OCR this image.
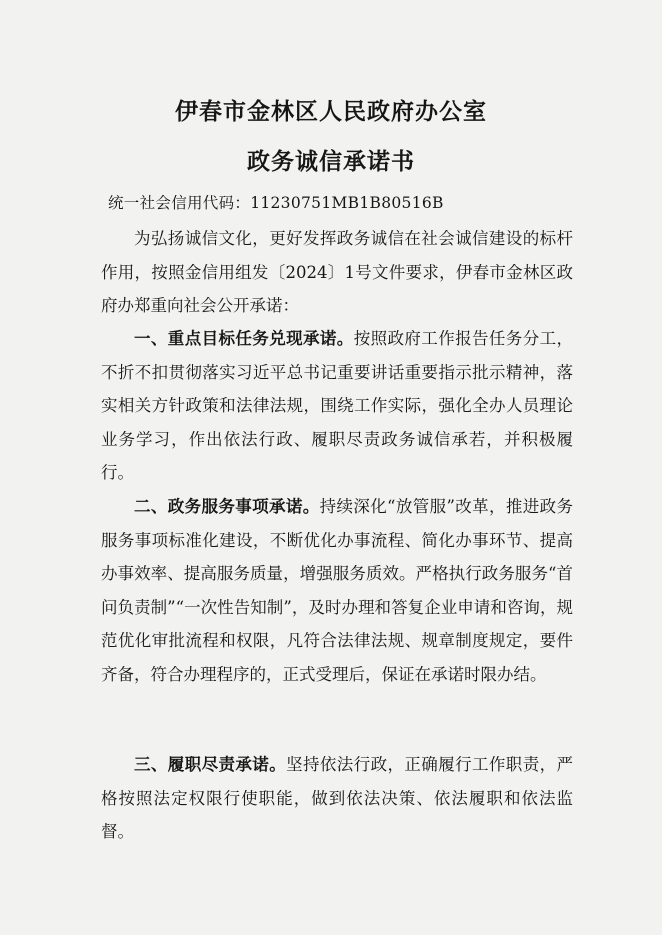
伊春市金林区人民政府办公室
政务诚信承诺书
统一社会信用代码：11230751MB1B80516B

为弘扬诚信文化，更好发挥政务诚信在社会诚信建设的标杆作用，按照金信用组发〔2024〕1号文件要求，伊春市金林区政府办郑重向社会公开承诺：

一、重点目标任务兑现承诺。按照政府工作报告任务分工，不折不扣贯彻落实习近平总书记重要讲话重要指示批示精神，落实相关方针政策和法律法规，围绕工作实际，强化全办人员理论业务学习，作出依法行政、履职尽责政务诚信承若，并积极履行。

二、政务服务事项承诺。持续深化“放管服”改革，推进政务服务事项标准化建设，不断优化办事流程、简化办事环节、提高办事效率、提高服务质量，增强服务质效。严格执行政务服务“首问负责制”“一次性告知制”，及时办理和答复企业申请和咨询，规范优化审批流程和权限，凡符合法律法规、规章制度规定，要件齐备，符合办理程序的，正式受理后，保证在承诺时限办结。

三、履职尽责承诺。坚持依法行政，正确履行工作职责，严格按照法定权限行使职能，做到依法决策、依法履职和依法监督。
